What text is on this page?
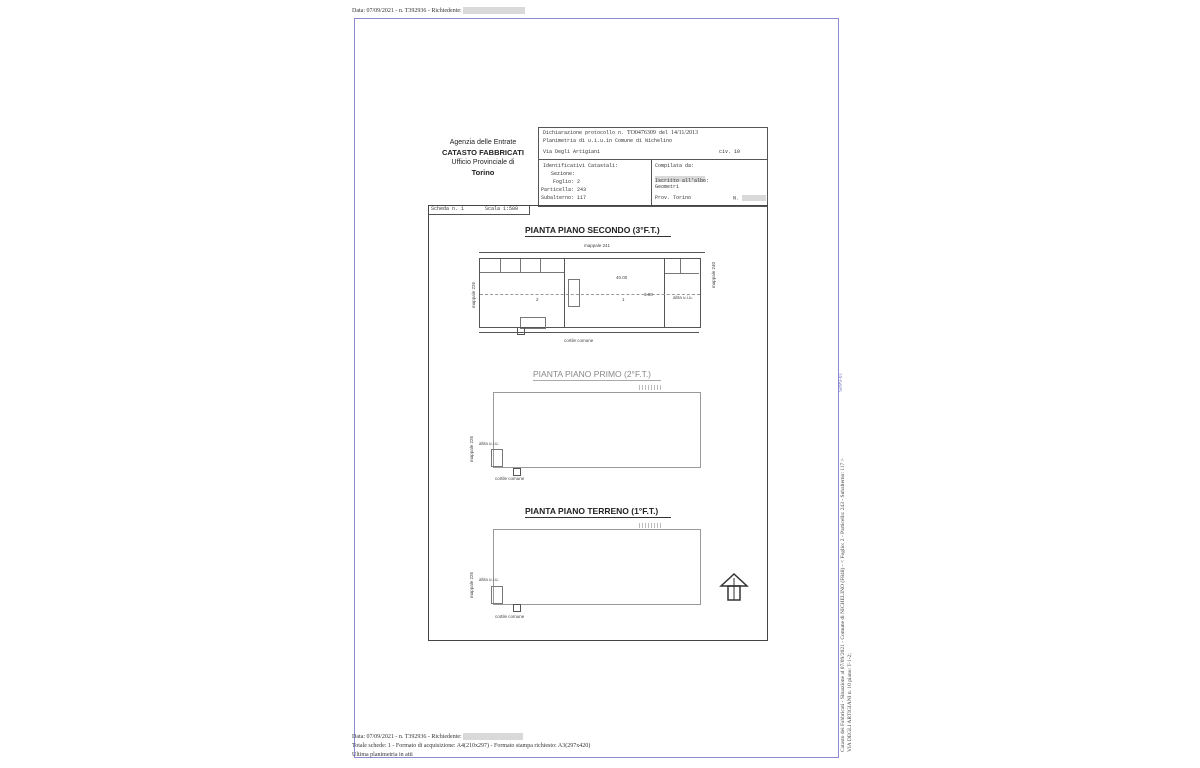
Data: 07/09/2021 - n. T392936 - Richiedente:
Agenzia delle Entrate
CATASTO FABBRICATI
Ufficio Provinciale di
Torino
Dichiarazione protocollo n. TO0476309 del 14/11/2013
Planimetria di u.i.u.in Comune di Nichelino
Via Degli Artigiani	civ. 10
Identificativi Catastali:
Sezione:
Foglio: 2
Particella: 243
Subalterno: 117
Compilata da:
Iscritto all'albo:
Geometri
Prov. Torino	N.
Scheda n. 1	Scala 1:500
PIANTA PIANO SECONDO (3°F.T.)
mappale 241
2	1
40.00
3.00
altra u.i.u.
mappale 226
mappale 240
cortile comune
PIANTA PIANO PRIMO (2°F.T.)
altra u.i.u.
mappale 226
cortile comune
PIANTA PIANO TERRENO (1°F.T.)
altra u.i.u.
mappale 226
cortile comune	Catasto dei Fabbricati - Situazione al 07/09/2021 - Comune di NICHELINO (F848) - < Foglio: 2 - Particella: 243 - Subalterno: 117 > VIA DEGLI ARTIGIANI n. 10 piano: T-1-2;
SPP9-01
Data: 07/09/2021 - n. T392936 - Richiedente:
Totale schede: 1 - Formato di acquisizione: A4(210x297) - Formato stampa richiesto: A3(297x420)
Ultima planimetria in atti
